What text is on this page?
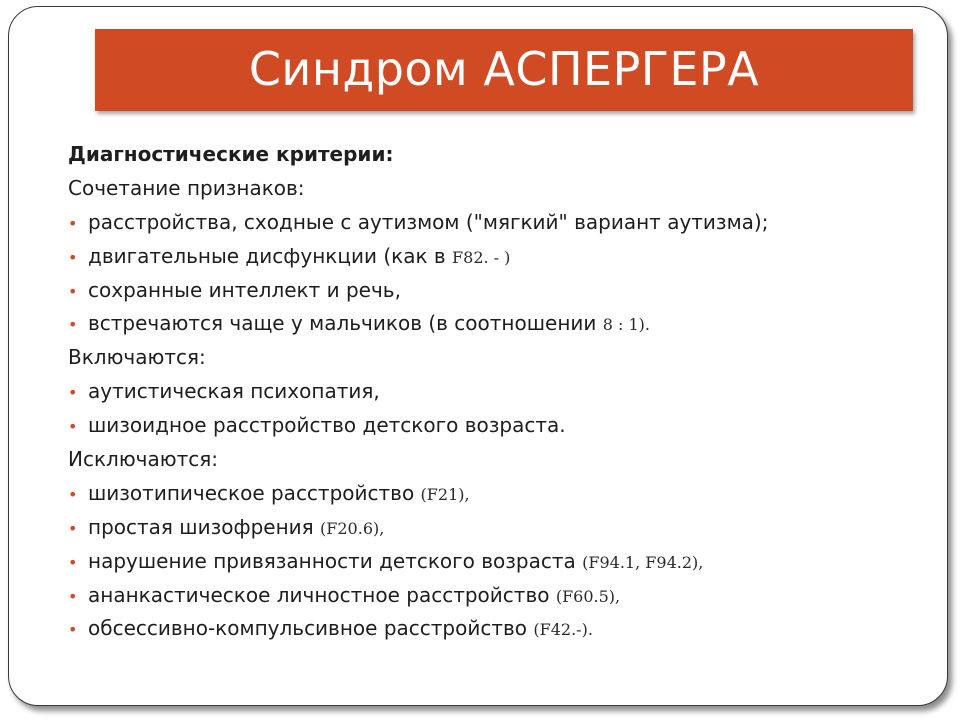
Синдром АСПЕРГЕРА
Диагностические критерии:
Сочетание признаков:
• расстройства, сходные с аутизмом ("мягкий" вариант аутизма);
• двигательные дисфункции (как в F82. - )
• сохранные интеллект и речь,
• встречаются чаще у мальчиков (в соотношении 8 : 1).
Включаются:
• аутистическая психопатия,
• шизоидное расстройство детского возраста.
Исключаются:
• шизотипическое расстройство (F21),
• простая шизофрения (F20.6),
• нарушение привязанности детского возраста (F94.1, F94.2),
• ананкастическое личностное расстройство (F60.5),
• обсессивно-компульсивное расстройство (F42.-).
